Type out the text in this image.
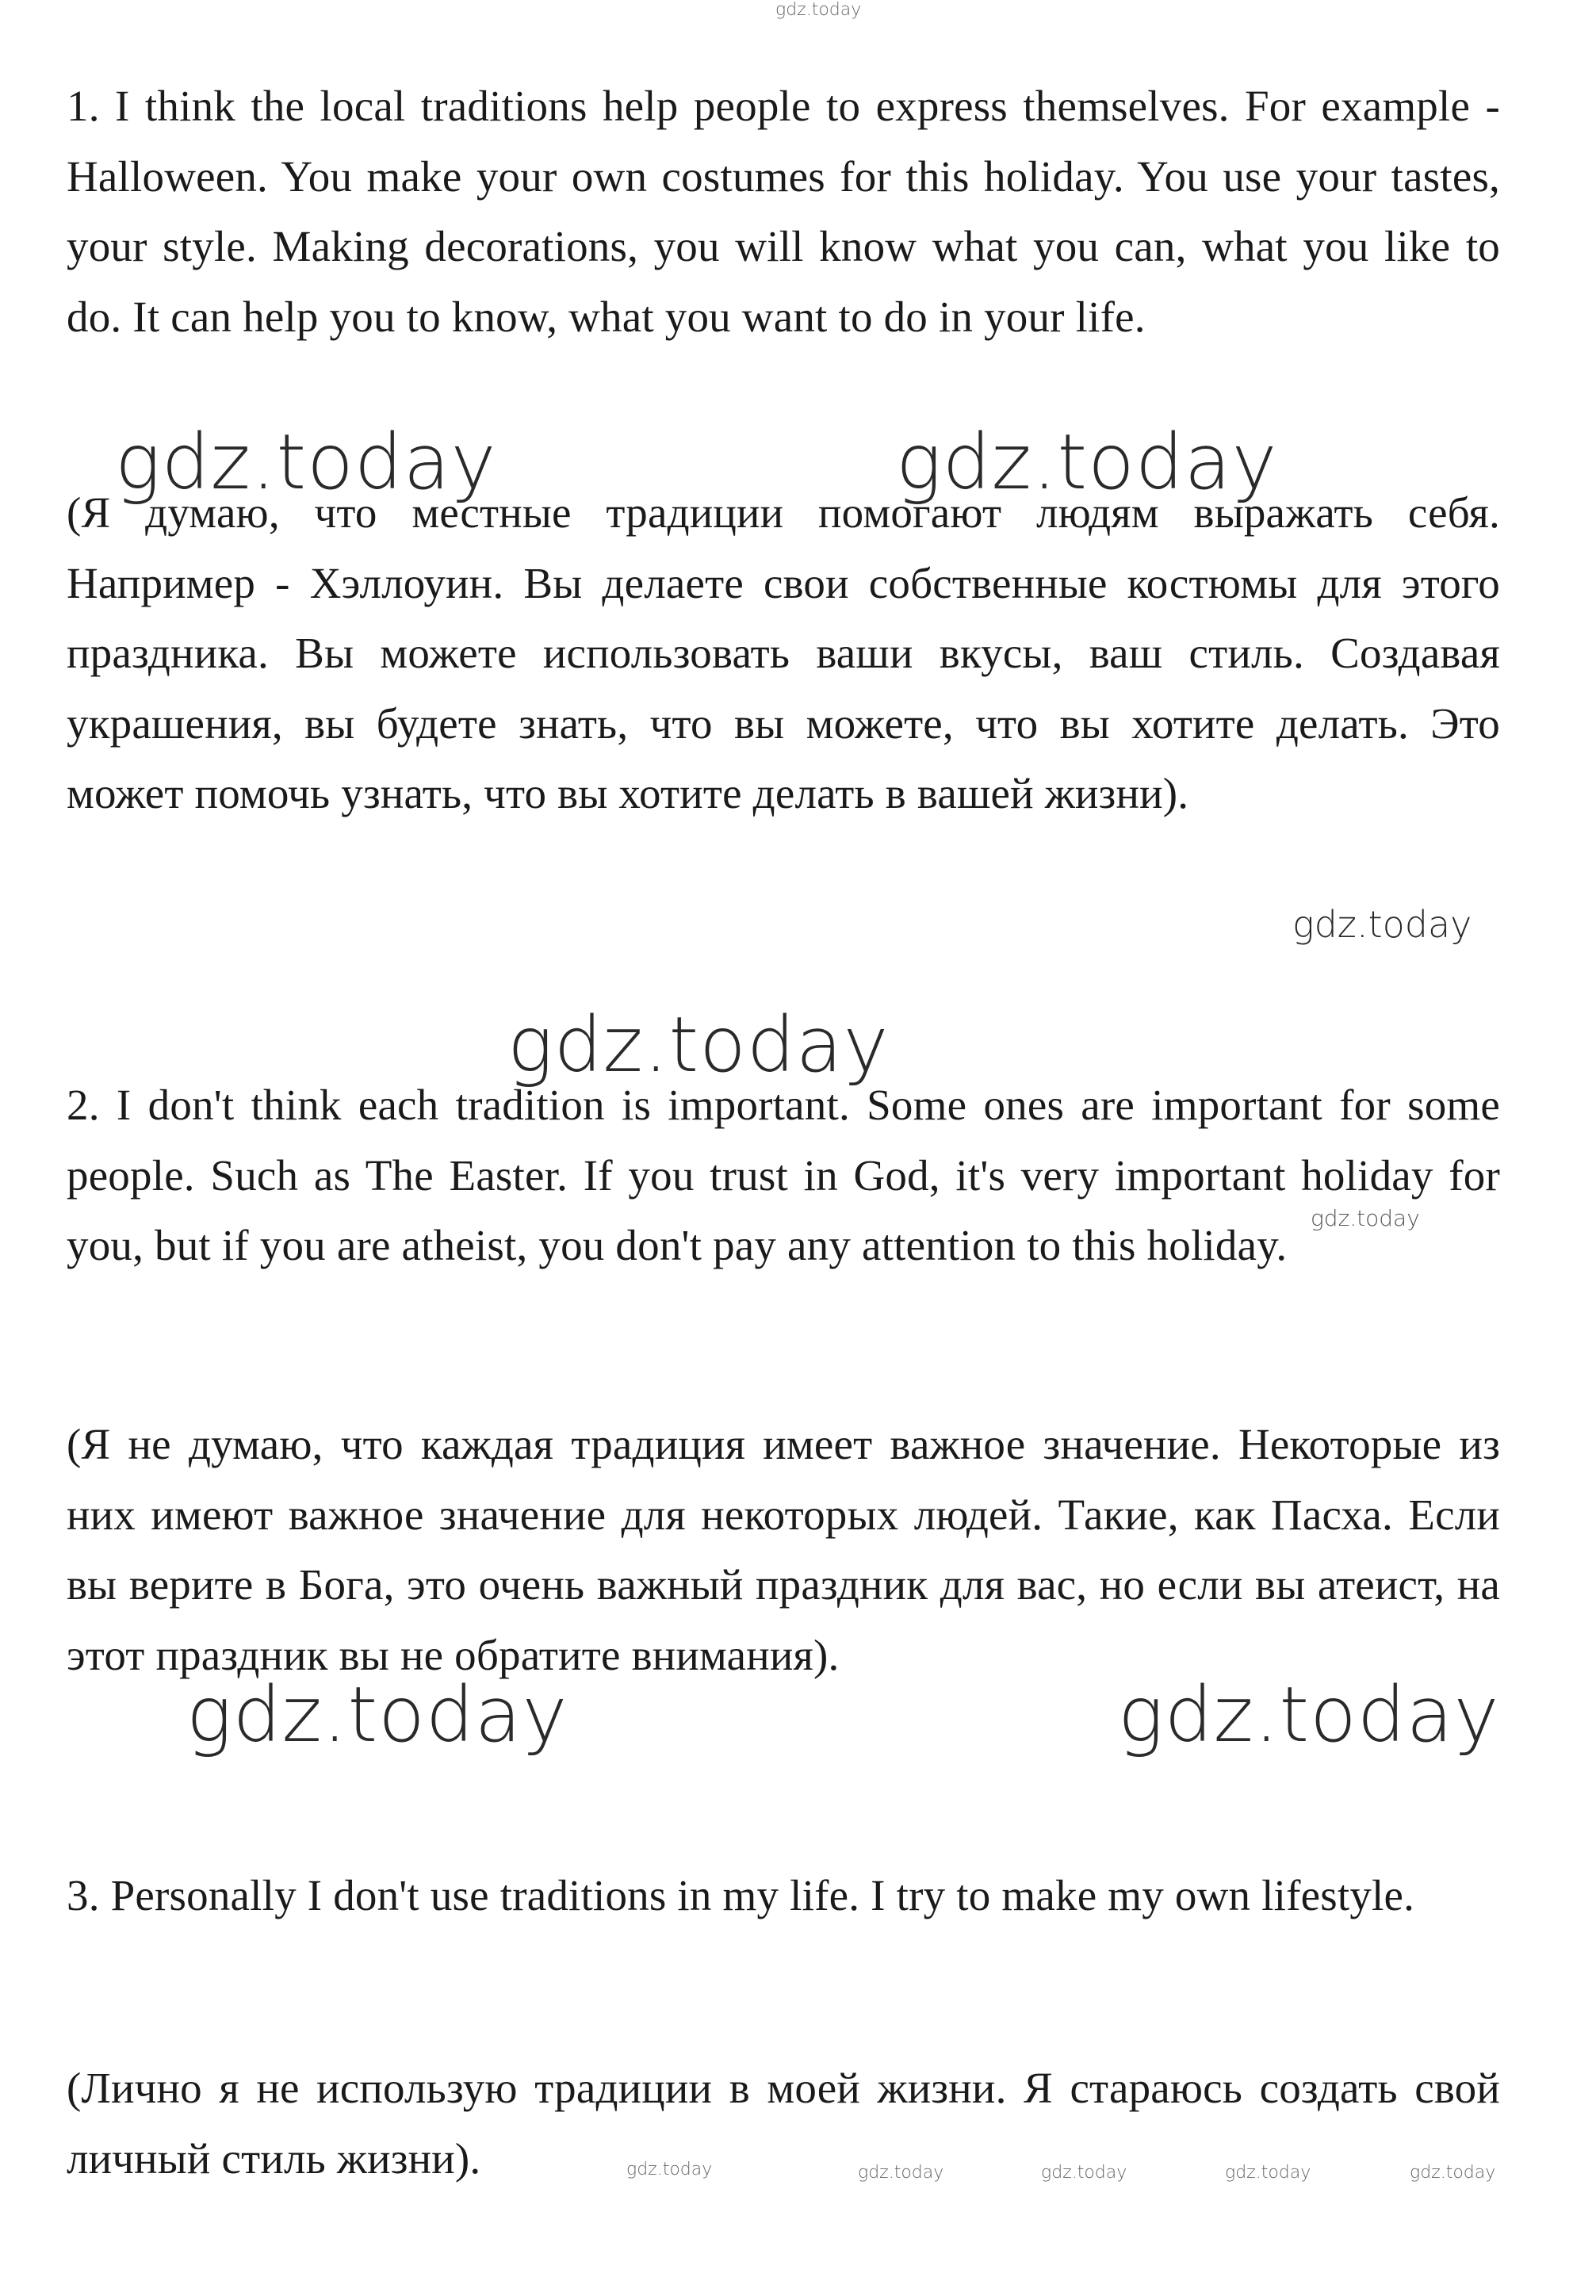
gdz.today

1. I think the local traditions help people to express themselves. For example - Halloween. You make your own costumes for this holiday. You use your tastes, your style. Making decorations, you will know what you can, what you like to do. It can help you to know, what you want to do in your life.

gdz.today	gdz.today

(Я думаю, что местные традиции помогают людям выражать себя. Например - Хэллоуин. Вы делаете свои собственные костюмы для этого праздника. Вы можете использовать ваши вкусы, ваш стиль. Создавая украшения, вы будете знать, что вы можете, что вы хотите делать. Это может помочь узнать, что вы хотите делать в вашей жизни).

gdz.today
gdz.today

2. I don't think each tradition is important. Some ones are important for some people. Such as The Easter. If you trust in God, it's very important holiday for you, but if you are atheist, you don't pay any attention to this holiday.

gdz.today

(Я не думаю, что каждая традиция имеет важное значение. Некоторые из них имеют важное значение для некоторых людей. Такие, как Пасха. Если вы верите в Бога, это очень важный праздник для вас, но если вы атеист, на этот праздник вы не обратите внимания).

gdz.today	gdz.today

3. Personally I don't use traditions in my life. I try to make my own lifestyle.

(Лично я не использую традиции в моей жизни. Я стараюсь создать свой личный стиль жизни).	gdz.today	gdz.today	gdz.today	gdz.today	gdz.today
